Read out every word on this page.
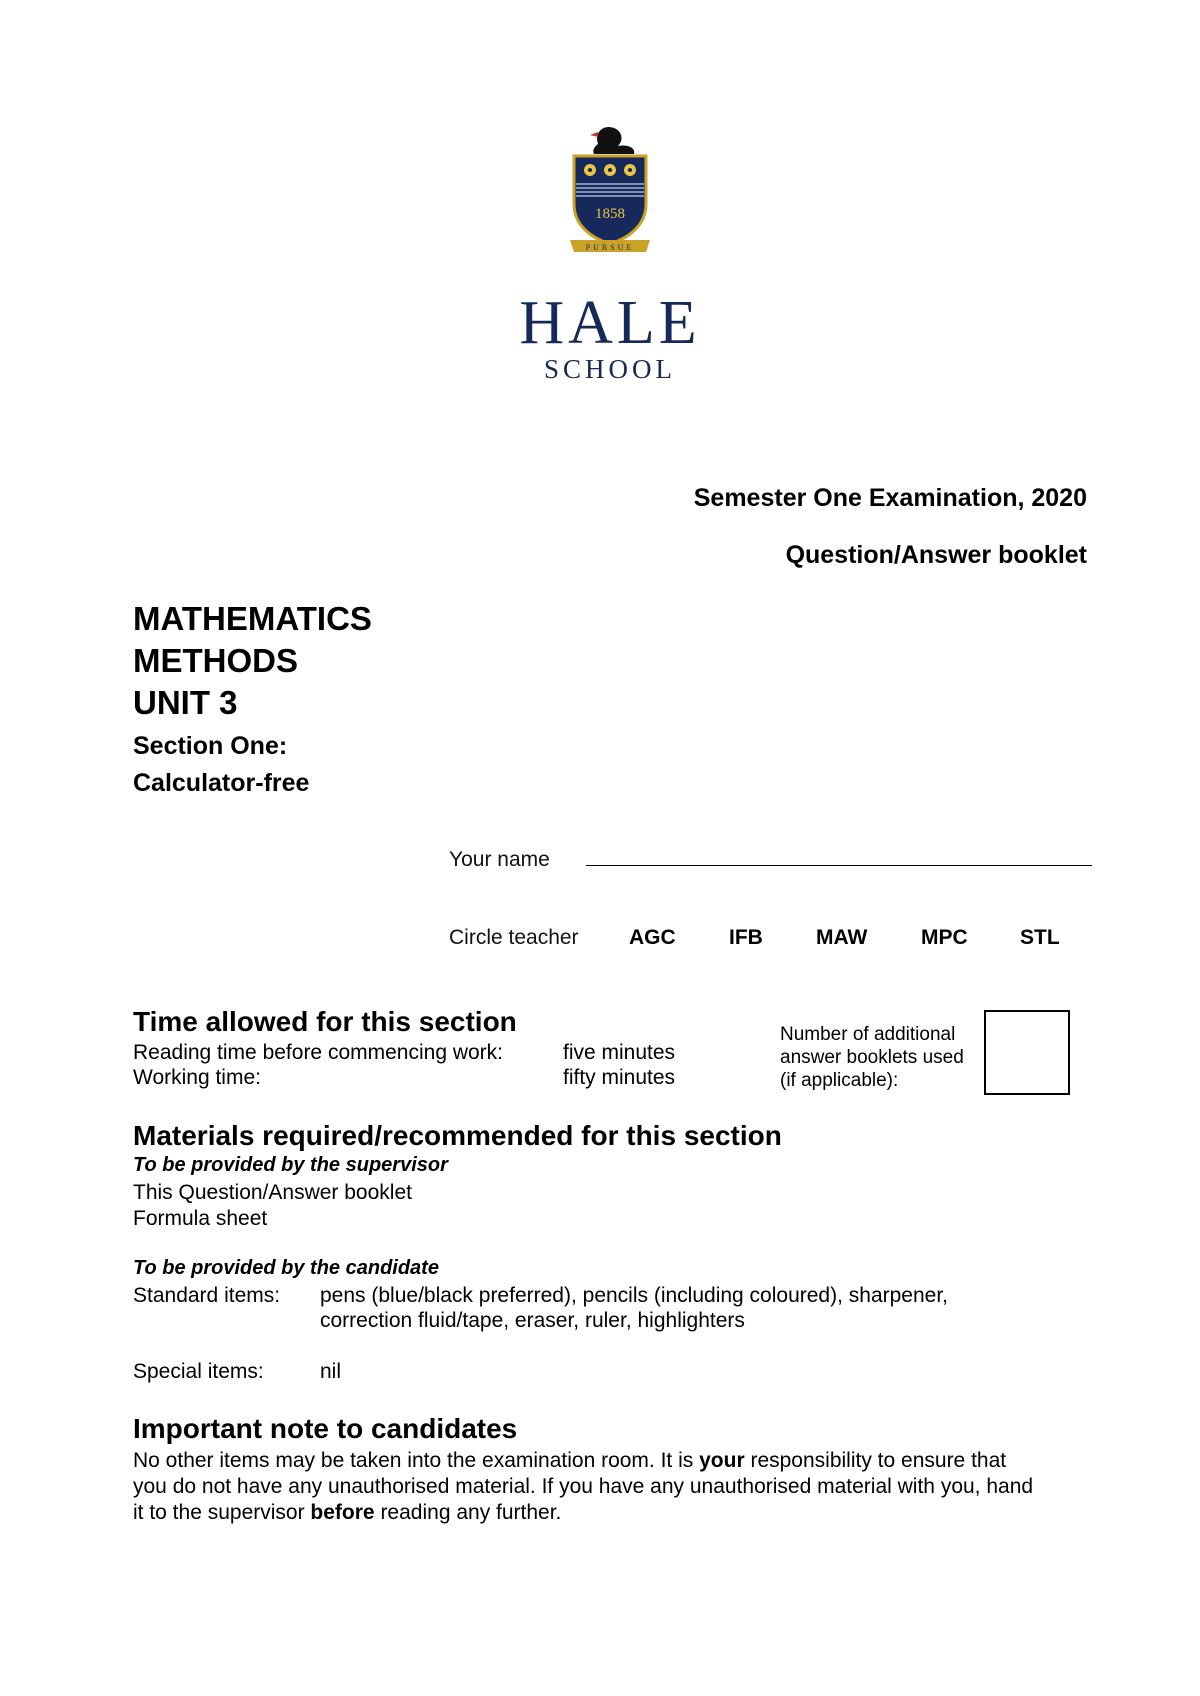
1858
PURSUE
HALE
SCHOOL
Semester One Examination, 2020
Question/Answer booklet
MATHEMATICS
METHODS
UNIT 3
Section One:
Calculator-free
Your name
Circle teacher AGC	IFB	MAW	MPC STL
Time allowed for this section
Reading time before commencing work:	five minutes
Working time:	fifty minutes
Number of additional
answer booklets used
(if applicable):
Materials required/recommended for this section
To be provided by the supervisor
This Question/Answer booklet
Formula sheet
To be provided by the candidate
Standard items: pens (blue/black preferred), pencils (including coloured), sharpener,
correction fluid/tape, eraser, ruler, highlighters
Special items:	nil
Important note to candidates
No other items may be taken into the examination room. It is your responsibility to ensure that
you do not have any unauthorised material. If you have any unauthorised material with you, hand
it to the supervisor before reading any further.
